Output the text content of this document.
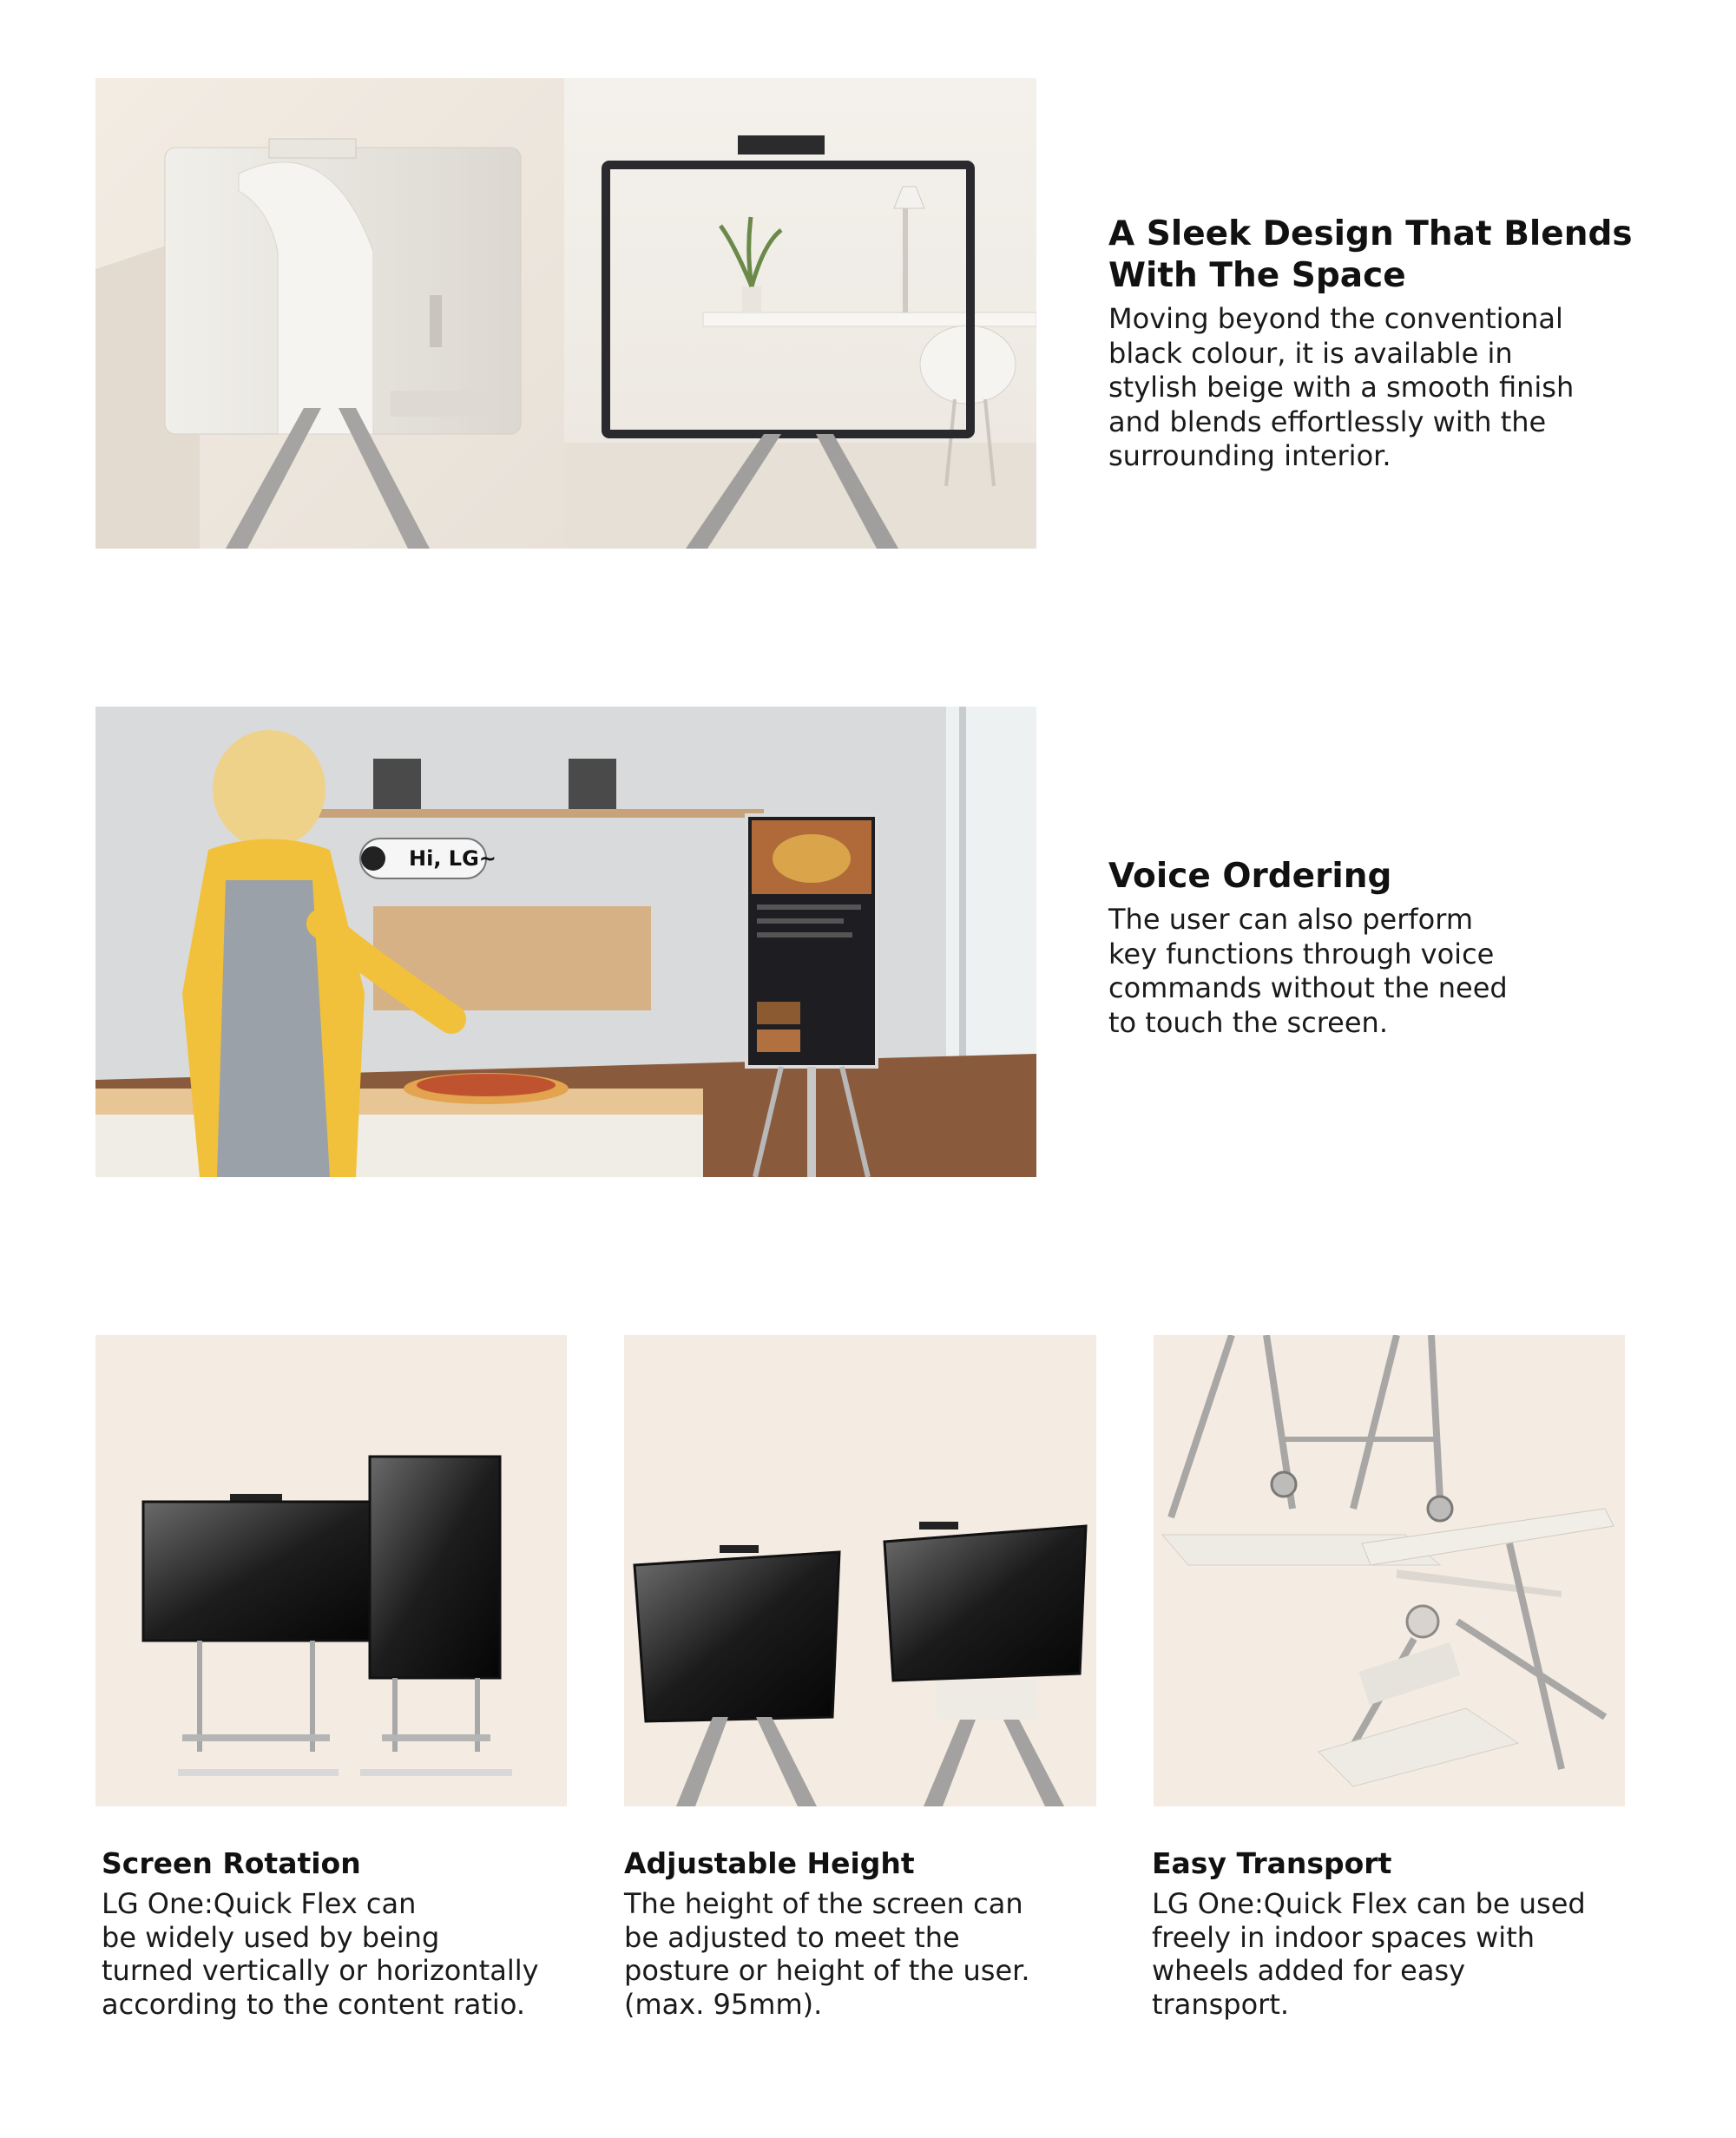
A Sleek Design That Blends With The Space

Moving beyond the conventional
black colour, it is available in
stylish beige with a smooth finish
and blends effortlessly with the
surrounding interior.

Hi, LG~	Voice Ordering

The user can also perform
key functions through voice
commands without the need
to touch the screen.

Screen Rotation

LG One:Quick Flex can
be widely used by being
turned vertically or horizontally
according to the content ratio.

Adjustable Height

The height of the screen can
be adjusted to meet the
posture or height of the user.
(max. 95mm).

Easy Transport

LG One:Quick Flex can be used
freely in indoor spaces with
wheels added for easy
transport.
